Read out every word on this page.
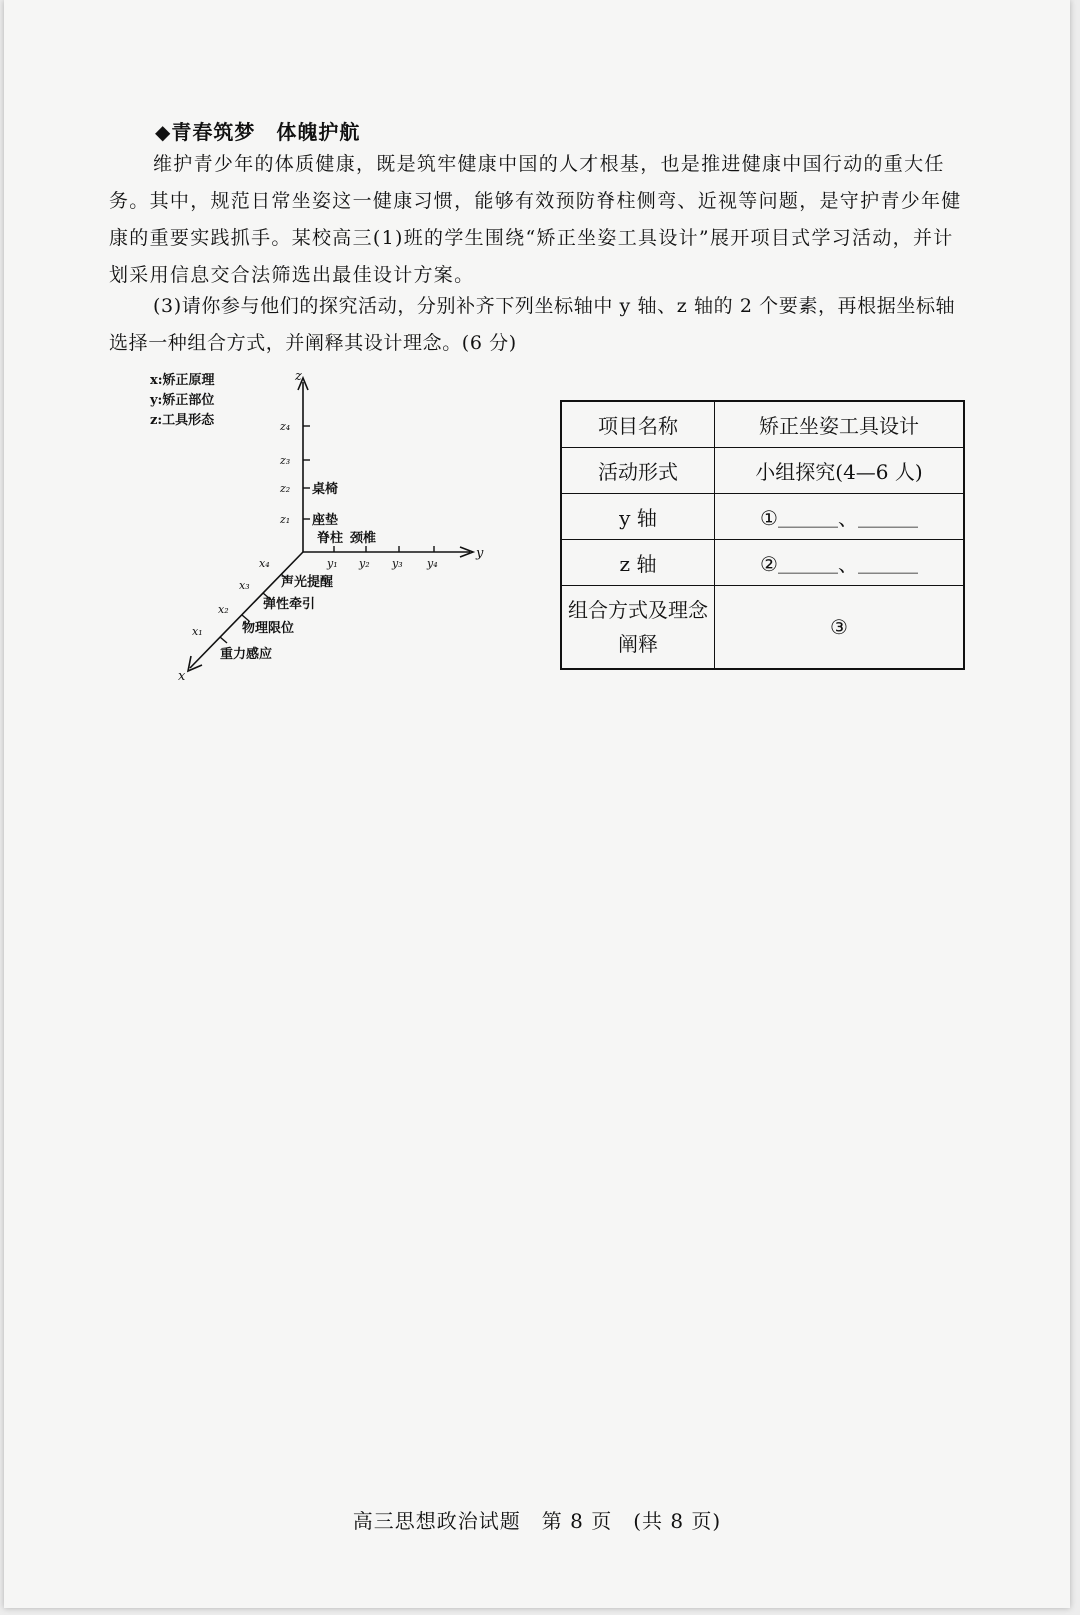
◆青春筑梦　体魄护航

维护青少年的体质健康，既是筑牢健康中国的人才根基，也是推进健康中国行动的重大任务。其中，规范日常坐姿这一健康习惯，能够有效预防脊柱侧弯、近视等问题，是守护青少年健康的重要实践抓手。某校高三(1)班的学生围绕“矫正坐姿工具设计”展开项目式学习活动，并计划采用信息交合法筛选出最佳设计方案。

(3)请你参与他们的探究活动，分别补齐下列坐标轴中 y 轴、z 轴的 2 个要素，再根据坐标轴选择一种组合方式，并阐释其设计理念。(6 分)

x:矫正原理
y:矫正部位
z:工具形态
z
z₁
z₂
z₃
z₄
座垫
桌椅
y
y₁ y₂ y₃ y₄
脊柱 颈椎
x
x₁
x₂
x₃
x₄
重力感应
物理限位
弹性牵引
声光提醒
项目名称	矫正坐姿工具设计
活动形式	小组探究(4—6 人)
y 轴	①＿＿＿、＿＿＿
z 轴	②＿＿＿、＿＿＿
组合方式及理念阐释	③
高三思想政治试题　第 8 页　(共 8 页)
